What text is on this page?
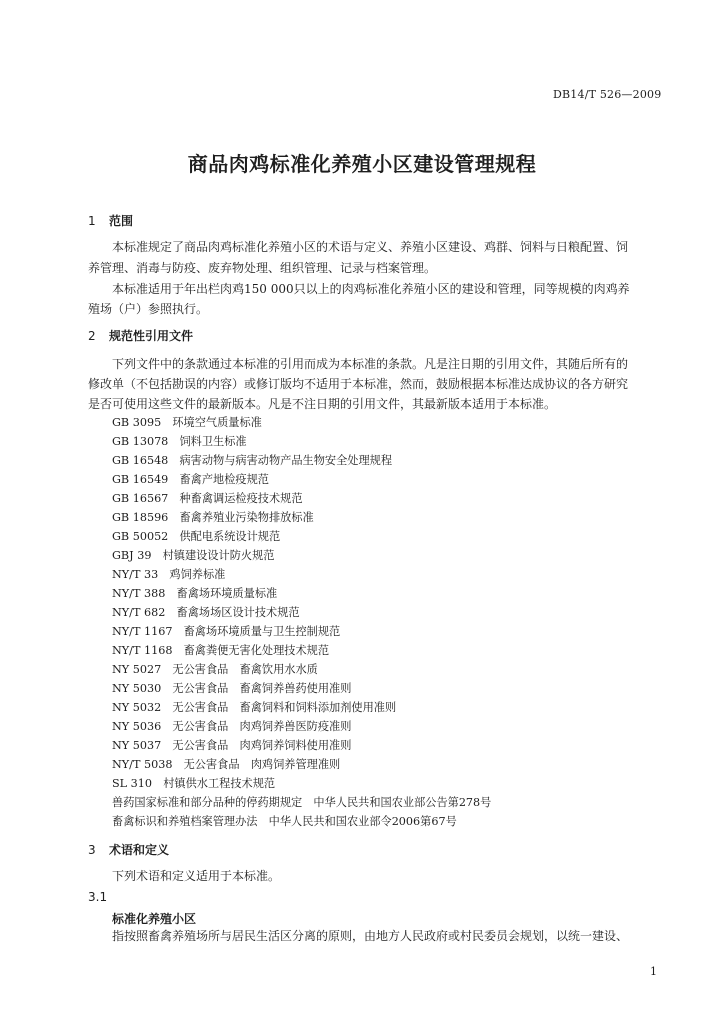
DB14/T 526—2009
商品肉鸡标准化养殖小区建设管理规程
1 范围
本标准规定了商品肉鸡标准化养殖小区的术语与定义、养殖小区建设、鸡群、饲料与日粮配置、饲
养管理、消毒与防疫、废弃物处理、组织管理、记录与档案管理。
本标准适用于年出栏肉鸡150 000只以上的肉鸡标准化养殖小区的建设和管理，同等规模的肉鸡养
殖场（户）参照执行。
2 规范性引用文件
下列文件中的条款通过本标准的引用而成为本标准的条款。凡是注日期的引用文件，其随后所有的
修改单（不包括勘误的内容）或修订版均不适用于本标准，然而，鼓励根据本标准达成协议的各方研究
是否可使用这些文件的最新版本。凡是不注日期的引用文件，其最新版本适用于本标准。
GB 3095　环境空气质量标准
GB 13078　饲料卫生标准
GB 16548　病害动物与病害动物产品生物安全处理规程
GB 16549　畜禽产地检疫规范
GB 16567　种畜禽调运检疫技术规范
GB 18596　畜禽养殖业污染物排放标准
GB 50052　供配电系统设计规范
GBJ 39　村镇建设设计防火规范
NY/T 33　鸡饲养标准
NY/T 388　畜禽场环境质量标准
NY/T 682　畜禽场场区设计技术规范
NY/T 1167　畜禽场环境质量与卫生控制规范
NY/T 1168　畜禽粪便无害化处理技术规范
NY 5027　无公害食品　畜禽饮用水水质
NY 5030　无公害食品　畜禽饲养兽药使用准则
NY 5032　无公害食品　畜禽饲料和饲料添加剂使用准则
NY 5036　无公害食品　肉鸡饲养兽医防疫准则
NY 5037　无公害食品　肉鸡饲养饲料使用准则
NY/T 5038　无公害食品　肉鸡饲养管理准则
SL 310　村镇供水工程技术规范
兽药国家标准和部分品种的停药期规定　中华人民共和国农业部公告第278号
畜禽标识和养殖档案管理办法　中华人民共和国农业部令2006第67号
3 术语和定义
下列术语和定义适用于本标准。
3.1
标准化养殖小区
指按照畜禽养殖场所与居民生活区分离的原则，由地方人民政府或村民委员会规划，以统一建设、
1
